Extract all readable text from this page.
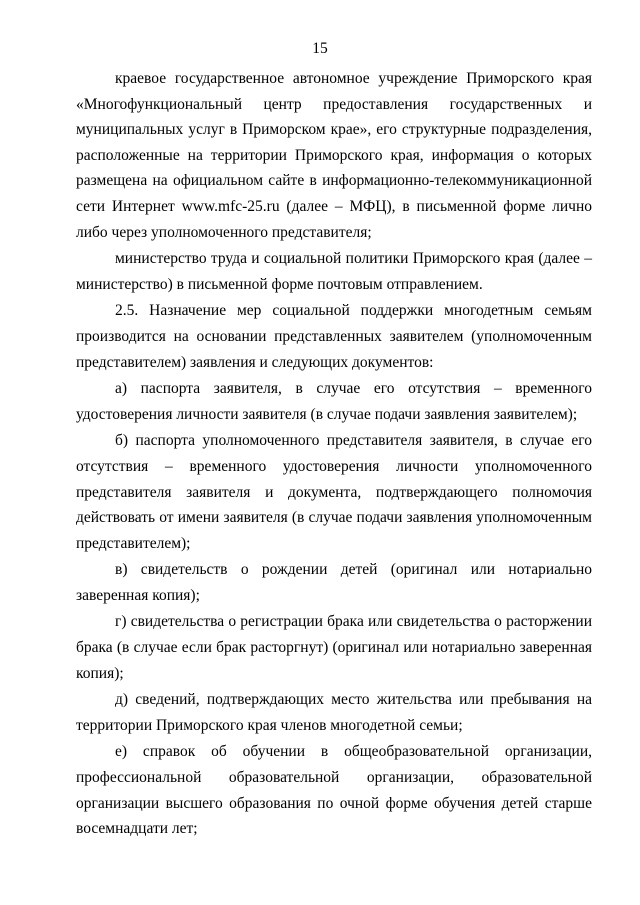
15

краевое государственное автономное учреждение Приморского края «Многофункциональный центр предоставления государственных и муниципальных услуг в Приморском крае», его структурные подразделения, расположенные на территории Приморского края, информация о которых размещена на официальном сайте в информационно-телекоммуникационной сети Интернет www.mfc-25.ru (далее – МФЦ), в письменной форме лично либо через уполномоченного представителя;

министерство труда и социальной политики Приморского края (далее – министерство) в письменной форме почтовым отправлением.

2.5. Назначение мер социальной поддержки многодетным семьям производится на основании представленных заявителем (уполномоченным представителем) заявления и следующих документов:

а) паспорта заявителя, в случае его отсутствия – временного удостоверения личности заявителя (в случае подачи заявления заявителем);

б) паспорта уполномоченного представителя заявителя, в случае его отсутствия – временного удостоверения личности уполномоченного представителя заявителя и документа, подтверждающего полномочия действовать от имени заявителя (в случае подачи заявления уполномоченным представителем);

в) свидетельств о рождении детей (оригинал или нотариально заверенная копия);

г) свидетельства о регистрации брака или свидетельства о расторжении брака (в случае если брак расторгнут) (оригинал или нотариально заверенная копия);

д) сведений, подтверждающих место жительства или пребывания на территории Приморского края членов многодетной семьи;

е) справок об обучении в общеобразовательной организации, профессиональной образовательной организации, образовательной организации высшего образования по очной форме обучения детей старше восемнадцати лет;
